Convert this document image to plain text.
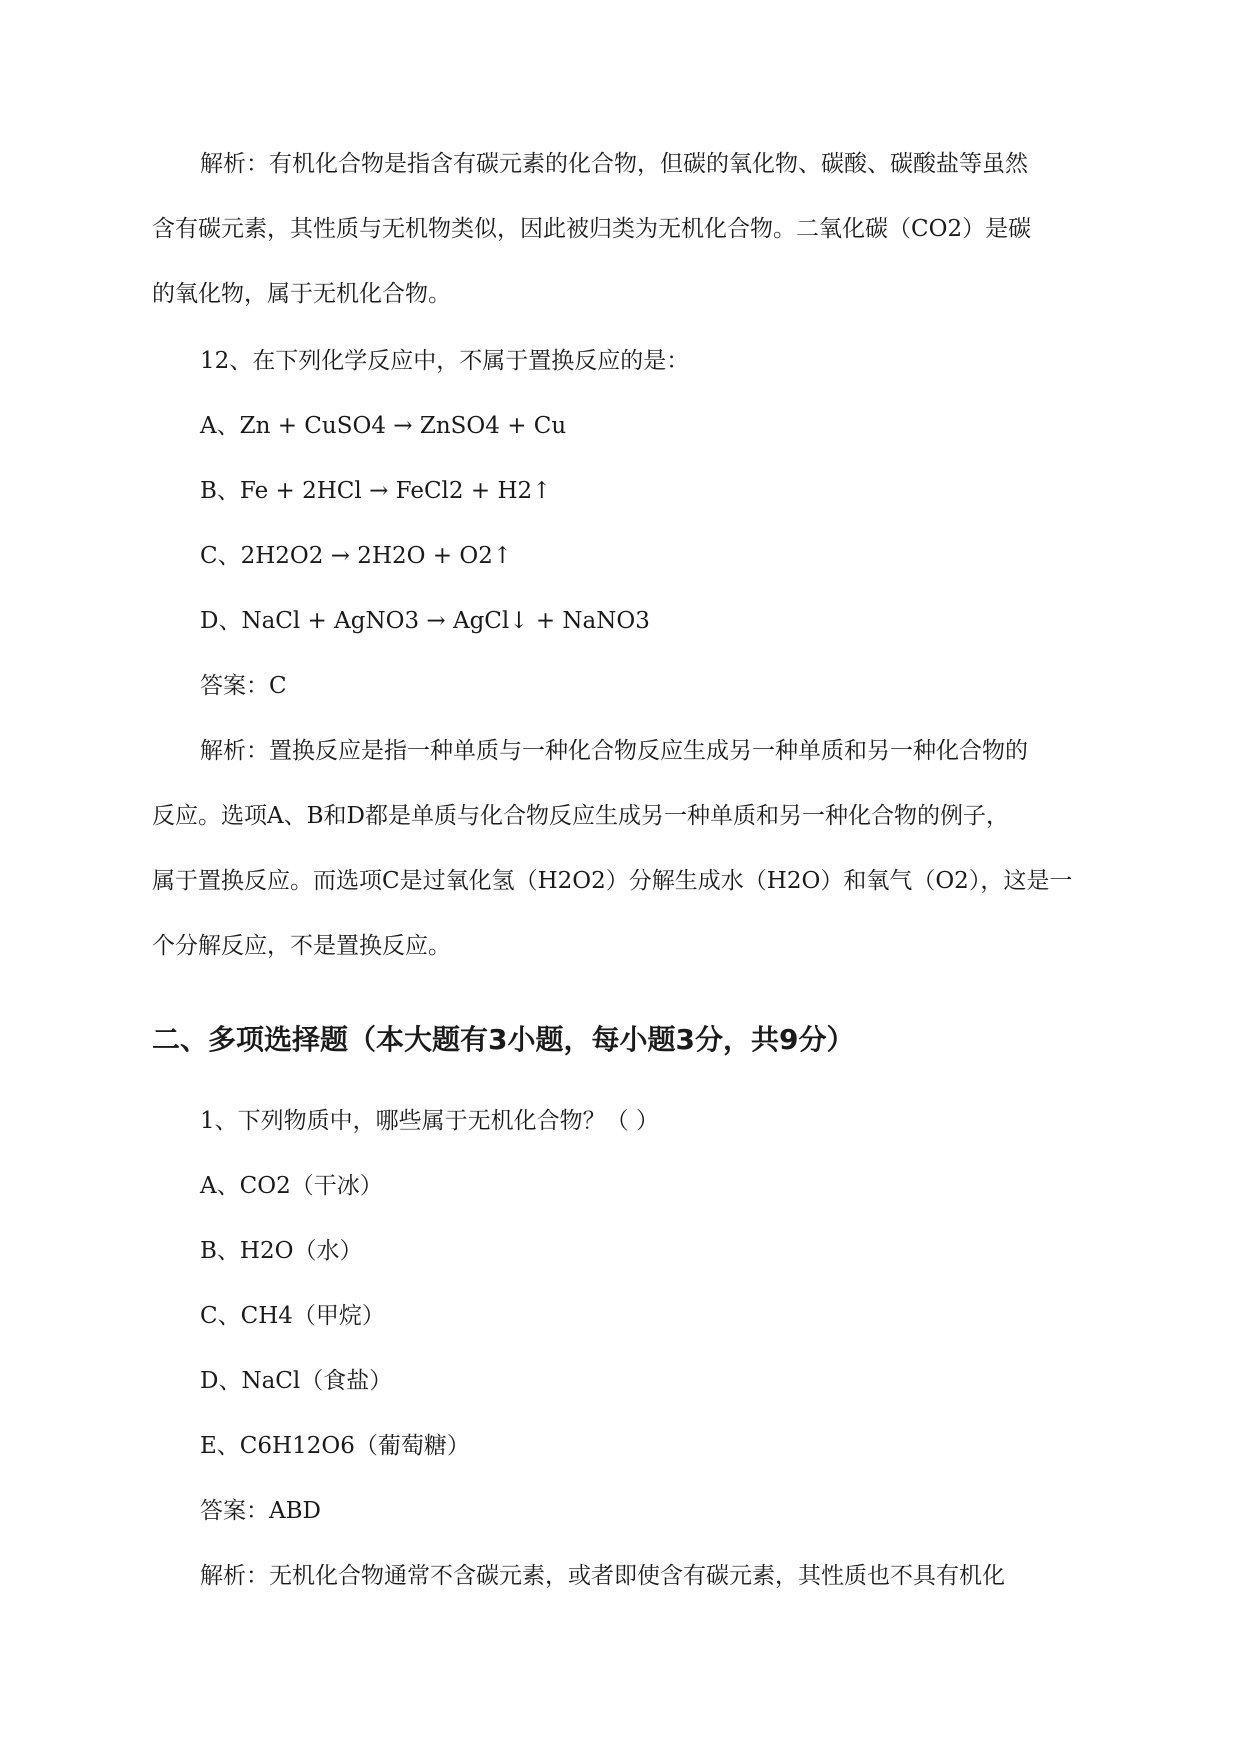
解析：有机化合物是指含有碳元素的化合物，但碳的氧化物、碳酸、碳酸盐等虽然
含有碳元素，其性质与无机物类似，因此被归类为无机化合物。二氧化碳（CO2）是碳
的氧化物，属于无机化合物。
12、在下列化学反应中，不属于置换反应的是：
A、Zn + CuSO4 → ZnSO4 + Cu
B、Fe + 2HCl → FeCl2 + H2↑
C、2H2O2 → 2H2O + O2↑
D、NaCl + AgNO3 → AgCl↓ + NaNO3
答案：C
解析：置换反应是指一种单质与一种化合物反应生成另一种单质和另一种化合物的
反应。选项A、B和D都是单质与化合物反应生成另一种单质和另一种化合物的例子，
属于置换反应。而选项C是过氧化氢（H2O2）分解生成水（H2O）和氧气（O2），这是一
个分解反应，不是置换反应。
二、多项选择题（本大题有3小题，每小题3分，共9分）
1、下列物质中，哪些属于无机化合物？（ ）
A、CO2（干冰）
B、H2O（水）
C、CH4（甲烷）
D、NaCl（食盐）
E、C6H12O6（葡萄糖）
答案：ABD
解析：无机化合物通常不含碳元素，或者即使含有碳元素，其性质也不具有机化
